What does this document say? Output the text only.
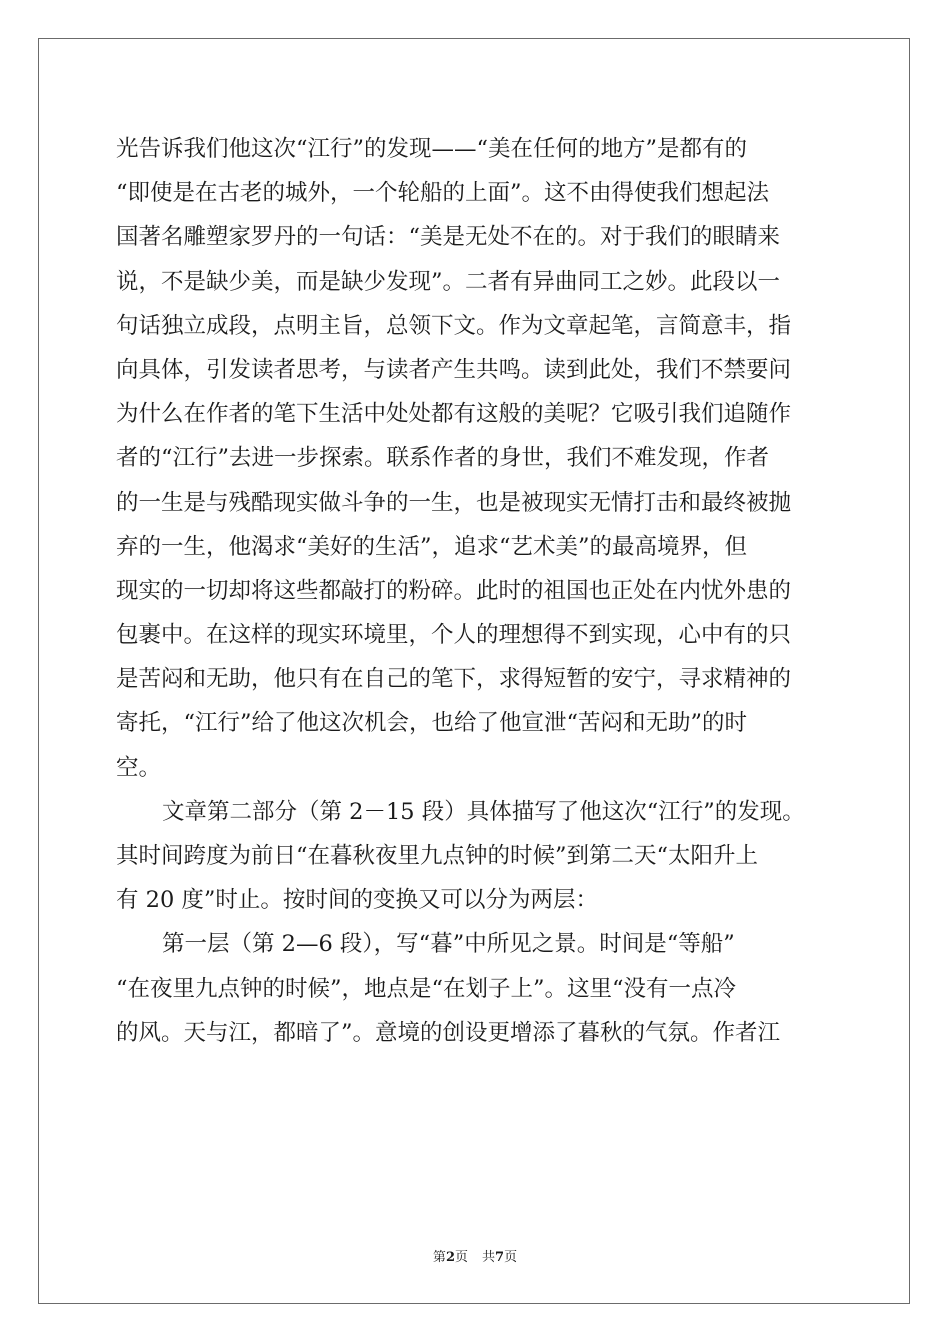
光告诉我们他这次“江行”的发现——“美在任何的地方”是都有的
“即使是在古老的城外，一个轮船的上面”。这不由得使我们想起法
国著名雕塑家罗丹的一句话：“美是无处不在的。对于我们的眼睛来
说，不是缺少美，而是缺少发现”。二者有异曲同工之妙。此段以一
句话独立成段，点明主旨，总领下文。作为文章起笔，言简意丰，指
向具体，引发读者思考，与读者产生共鸣。读到此处，我们不禁要问
为什么在作者的笔下生活中处处都有这般的美呢？它吸引我们追随作
者的“江行”去进一步探索。联系作者的身世，我们不难发现，作者
的一生是与残酷现实做斗争的一生，也是被现实无情打击和最终被抛
弃的一生，他渴求“美好的生活”，追求“艺术美”的最高境界，但
现实的一切却将这些都敲打的粉碎。此时的祖国也正处在内忧外患的
包裹中。在这样的现实环境里，个人的理想得不到实现，心中有的只
是苦闷和无助，他只有在自己的笔下，求得短暂的安宁，寻求精神的
寄托，“江行”给了他这次机会，也给了他宣泄“苦闷和无助”的时
空。
文章第二部分（第 2－15 段）具体描写了他这次“江行”的发现。
其时间跨度为前日“在暮秋夜里九点钟的时候”到第二天“太阳升上
有 20 度”时止。按时间的变换又可以分为两层：
第一层（第 2—6 段），写“暮”中所见之景。时间是“等船”
“在夜里九点钟的时候”，地点是“在划子上”。这里“没有一点冷
的风。天与江，都暗了”。意境的创设更增添了暮秋的气氛。作者江
第2页 共7页
